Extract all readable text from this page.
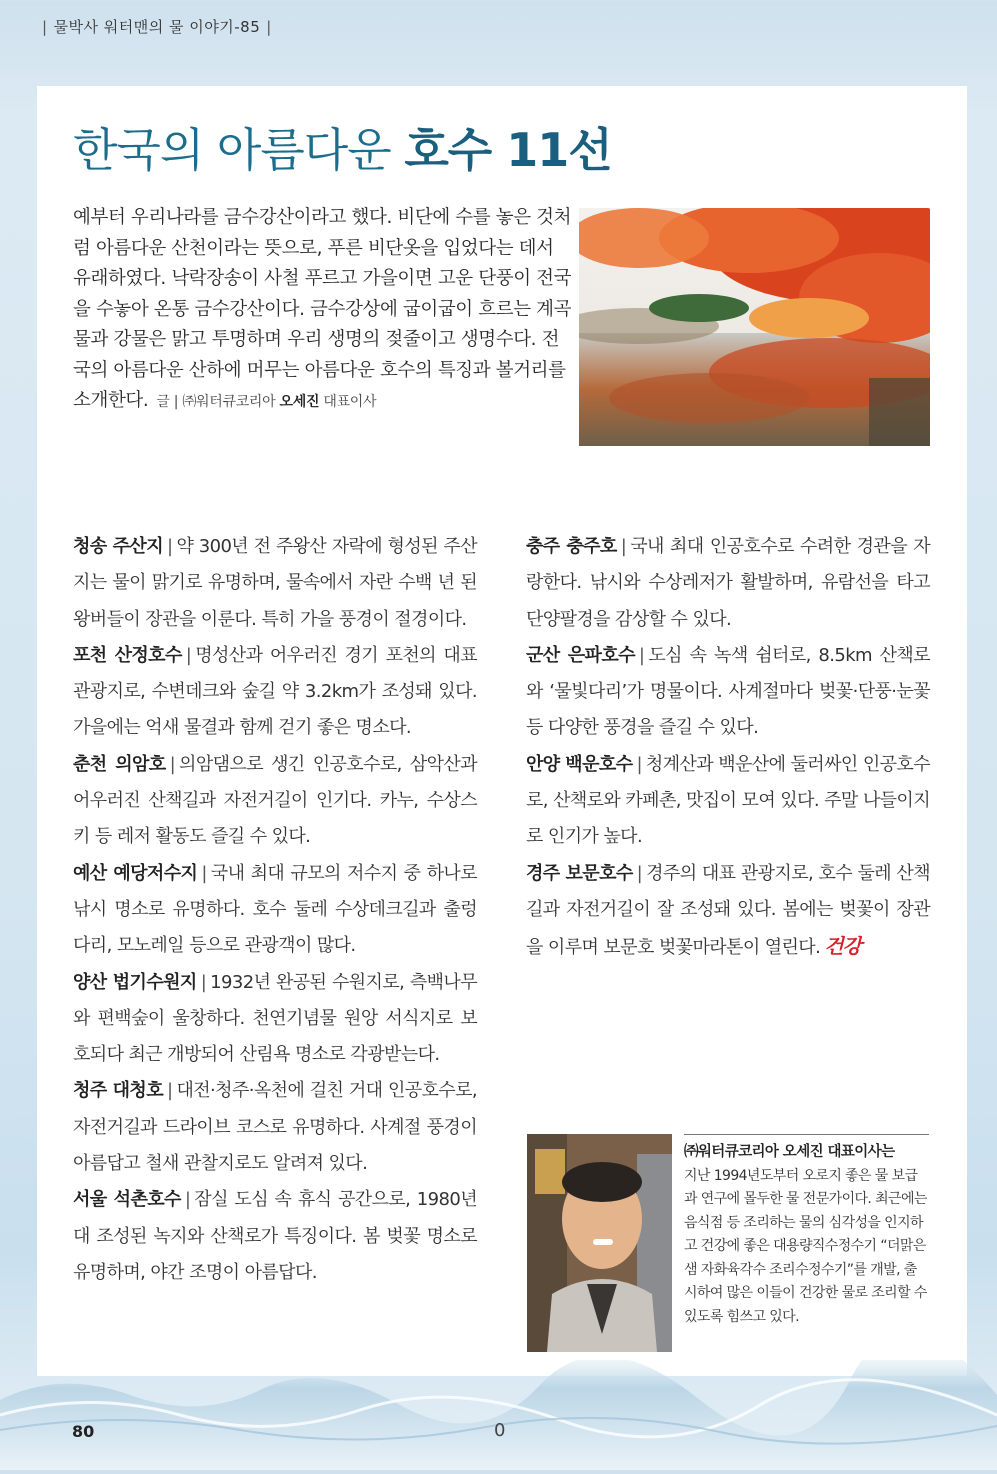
| 물박사 워터맨의 물 이야기-85 |
한국의 아름다운 호수 11선

예부터 우리나라를 금수강산이라고 했다. 비단에 수를 놓은 것처럼 아름다운 산천이라는 뜻으로, 푸른 비단옷을 입었다는 데서 유래하였다. 낙락장송이 사철 푸르고 가을이면 고운 단풍이 전국을 수놓아 온통 금수강산이다. 금수강상에 굽이굽이 흐르는 계곡물과 강물은 맑고 투명하며 우리 생명의 젖줄이고 생명수다. 전국의 아름다운 산하에 머무는 아름다운 호수의 특징과 볼거리를 소개한다. 글 | ㈜워터큐코리아 오세진 대표이사

청송 주산지 | 약 300년 전 주왕산 자락에 형성된 주산지는 물이 맑기로 유명하며, 물속에서 자란 수백 년 된 왕버들이 장관을 이룬다. 특히 가을 풍경이 절경이다.

포천 산정호수 | 명성산과 어우러진 경기 포천의 대표 관광지로, 수변데크와 숲길 약 3.2km가 조성돼 있다. 가을에는 억새 물결과 함께 걷기 좋은 명소다.

춘천 의암호 | 의암댐으로 생긴 인공호수로, 삼악산과 어우러진 산책길과 자전거길이 인기다. 카누, 수상스키 등 레저 활동도 즐길 수 있다.

예산 예당저수지 | 국내 최대 규모의 저수지 중 하나로 낚시 명소로 유명하다. 호수 둘레 수상데크길과 출렁다리, 모노레일 등으로 관광객이 많다.

양산 법기수원지 | 1932년 완공된 수원지로, 측백나무와 편백숲이 울창하다. 천연기념물 원앙 서식지로 보호되다 최근 개방되어 산림욕 명소로 각광받는다.

청주 대청호 | 대전·청주·옥천에 걸친 거대 인공호수로, 자전거길과 드라이브 코스로 유명하다. 사계절 풍경이 아름답고 철새 관찰지로도 알려져 있다.

서울 석촌호수 | 잠실 도심 속 휴식 공간으로, 1980년대 조성된 녹지와 산책로가 특징이다. 봄 벚꽃 명소로 유명하며, 야간 조명이 아름답다.

충주 충주호 | 국내 최대 인공호수로 수려한 경관을 자랑한다. 낚시와 수상레저가 활발하며, 유람선을 타고 단양팔경을 감상할 수 있다.

군산 은파호수 | 도심 속 녹색 쉼터로, 8.5km 산책로와 ‘물빛다리’가 명물이다. 사계절마다 벚꽃·단풍·눈꽃 등 다양한 풍경을 즐길 수 있다.

안양 백운호수 | 청계산과 백운산에 둘러싸인 인공호수로, 산책로와 카페촌, 맛집이 모여 있다. 주말 나들이지로 인기가 높다.

경주 보문호수 | 경주의 대표 관광지로, 호수 둘레 산책길과 자전거길이 잘 조성돼 있다. 봄에는 벚꽃이 장관을 이루며 보문호 벚꽃마라톤이 열린다. 건강

㈜워터큐코리아 오세진 대표이사는
지난 1994년도부터 오로지 좋은 물 보급과 연구에 몰두한 물 전문가이다. 최근에는 음식점 등 조리하는 물의 심각성을 인지하고 건강에 좋은 대용량직수정수기 “더맑은샘 자화육각수 조리수정수기”를 개발, 출시하여 많은 이들이 건강한 물로 조리할 수 있도록 힘쓰고 있다.
80	0
